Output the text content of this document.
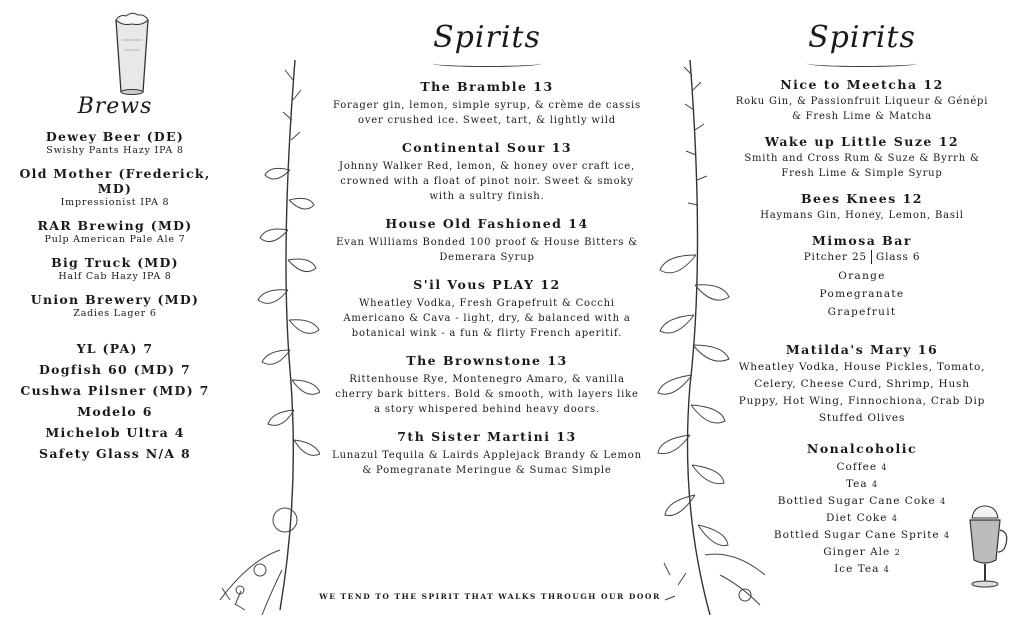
Brews
Dewey Beer (DE)
Swishy Pants Hazy IPA 8
Old Mother (Frederick, MD)
Impressionist IPA 8
RAR Brewing (MD)
Pulp American Pale Ale 7
Big Truck (MD)
Half Cab Hazy IPA 8
Union Brewery (MD)
Zadies Lager 6
YL (PA) 7
Dogfish 60 (MD) 7
Cushwa Pilsner (MD) 7
Modelo 6
Michelob Ultra 4
Safety Glass N/A 8
Spirits
The Bramble 13
Forager gin, lemon, simple syrup, & crème de cassis over crushed ice. Sweet, tart, & lightly wild
Continental Sour 13
Johnny Walker Red, lemon, & honey over craft ice, crowned with a float of pinot noir. Sweet & smoky with a sultry finish.
House Old Fashioned 14
Evan Williams Bonded 100 proof & House Bitters & Demerara Syrup
S'il Vous PLAY 12
Wheatley Vodka, Fresh Grapefruit & Cocchi Americano & Cava - light, dry, & balanced with a botanical wink - a fun & flirty French aperitif.
The Brownstone 13
Rittenhouse Rye, Montenegro Amaro, & vanilla cherry bark bitters. Bold & smooth, with layers like a story whispered behind heavy doors.
7th Sister Martini 13
Lunazul Tequila & Lairds Applejack Brandy & Lemon & Pomegranate Meringue & Sumac Simple
Spirits
Nice to Meetcha 12
Roku Gin, & Passionfruit Liqueur & Génépi & Fresh Lime & Matcha
Wake up Little Suze 12
Smith and Cross Rum & Suze & Byrrh & Fresh Lime & Simple Syrup
Bees Knees 12
Haymans Gin, Honey, Lemon, Basil
Mimosa Bar
Pitcher 25 Glass 6
Orange
Pomegranate
Grapefruit
Matilda's Mary 16
Wheatley Vodka, House Pickles, Tomato, Celery, Cheese Curd, Shrimp, Hush Puppy, Hot Wing, Finnochiona, Crab Dip Stuffed Olives
Nonalcoholic
Coffee 4
Tea 4
Bottled Sugar Cane Coke 4
Diet Coke 4
Bottled Sugar Cane Sprite 4
Ginger Ale 2
Ice Tea 4
WE TEND TO THE SPIRIT THAT WALKS THROUGH OUR DOOR
